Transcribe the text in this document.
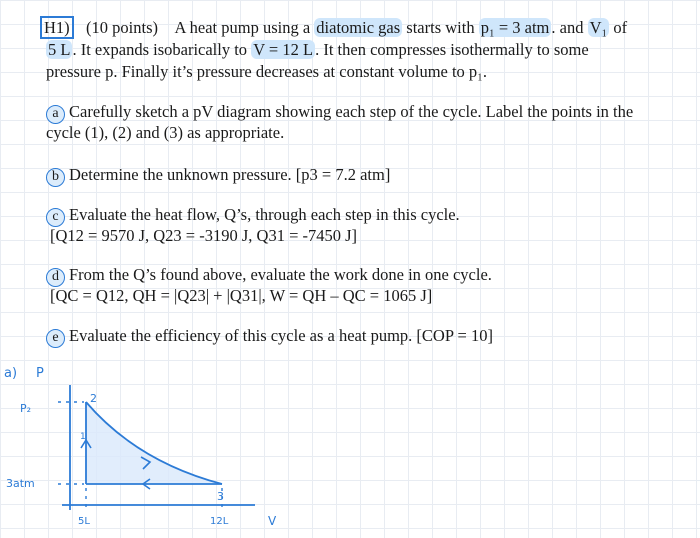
H1) (10 points) A heat pump using a diatomic gas starts with p₁ = 3 atm . and V₁ of
5 L . It expands isobarically to V = 12 L . It then compresses isothermally to some
pressure p. Finally it’s pressure decreases at constant volume to p₁.
a Carefully sketch a pV diagram showing each step of the cycle. Label the points in the
cycle (1), (2) and (3) as appropriate.
b Determine the unknown pressure. [p3 = 7.2 atm]
c Evaluate the heat flow, Q’s, through each step in this cycle.
[Q12 = 9570 J, Q23 = -3190 J, Q31 = -7450 J]
d From the Q’s found above, evaluate the work done in one cycle.
[QC = Q12, QH = |Q23| + |Q31|, W = QH – QC = 1065 J]
e Evaluate the efficiency of this cycle as a heat pump. [COP = 10]
a) P
V
P₂
3atm
2
1
3
5L	12L
